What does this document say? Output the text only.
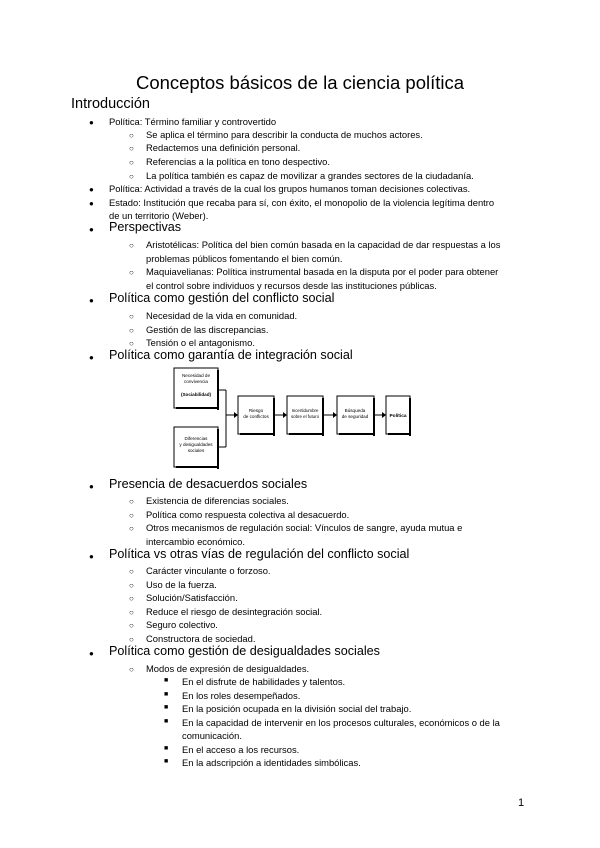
Conceptos básicos de la ciencia política
Introducción
● Política: Término familiar y controvertido
○ Se aplica el término para describir la conducta de muchos actores.
○ Redactemos una definición personal.
○ Referencias a la política en tono despectivo.
○ La política también es capaz de movilizar a grandes sectores de la ciudadanía.
● Política: Actividad a través de la cual los grupos humanos toman decisiones colectivas.
● Estado: Institución que recaba para sí, con éxito, el monopolio de la violencia legítima dentro
de un territorio (Weber).
● Perspectivas
○ Aristotélicas: Política del bien común basada en la capacidad de dar respuestas a los
problemas públicos fomentando el bien común.
○ Maquiavelianas: Política instrumental basada en la disputa por el poder para obtener
el control sobre individuos y recursos desde las instituciones públicas.
● Política como gestión del conflicto social
○ Necesidad de la vida en comunidad.
○ Gestión de las discrepancias.
○ Tensión o el antagonismo.
● Política como garantía de integración social
Necesidad de
convivencia
(Sociabilidad)
Diferencias
y desigualdades
sociales
Riesgo
de conflictos
Incertidumbre
sobre el futuro
Búsqueda
de seguridad	Política
● Presencia de desacuerdos sociales
○ Existencia de diferencias sociales.
○ Política como respuesta colectiva al desacuerdo.
○ Otros mecanismos de regulación social: Vínculos de sangre, ayuda mutua e
intercambio económico.
● Política vs otras vías de regulación del conflicto social
○ Carácter vinculante o forzoso.
○ Uso de la fuerza.
○ Solución/Satisfacción.
○ Reduce el riesgo de desintegración social.
○ Seguro colectivo.
○ Constructora de sociedad.
● Política como gestión de desigualdades sociales
○ Modos de expresión de desigualdades.
■ En el disfrute de habilidades y talentos.
■ En los roles desempeñados.
■ En la posición ocupada en la división social del trabajo.
■ En la capacidad de intervenir en los procesos culturales, económicos o de la
comunicación.
■ En el acceso a los recursos.
■ En la adscripción a identidades simbólicas.
1
